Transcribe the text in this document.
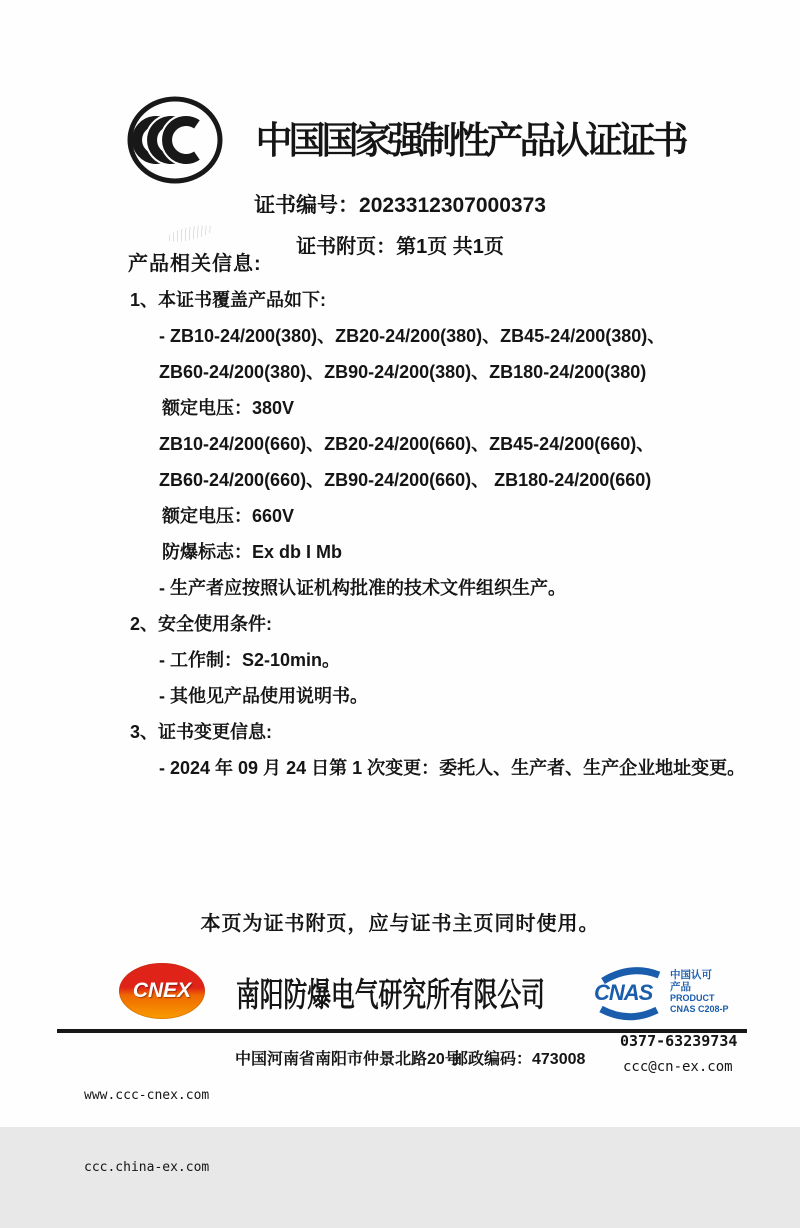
中国国家强制性产品认证证书
证书编号：2023312307000373
证书附页：第1页 共1页
产品相关信息:
1、本证书覆盖产品如下:
- ZB10-24/200(380)、ZB20-24/200(380)、ZB45-24/200(380)、
ZB60-24/200(380)、ZB90-24/200(380)、ZB180-24/200(380)
额定电压：380V
ZB10-24/200(660)、ZB20-24/200(660)、ZB45-24/200(660)、
ZB60-24/200(660)、ZB90-24/200(660)、 ZB180-24/200(660)
额定电压：660V
防爆标志：Ex db I Mb
- 生产者应按照认证机构批准的技术文件组织生产。
2、安全使用条件:
- 工作制：S2-10min。
- 其他见产品使用说明书。
3、证书变更信息:
- 2024 年 09 月 24 日第 1 次变更：委托人、生产者、生产企业地址变更。
本页为证书附页，应与证书主页同时使用。
CNEX 南阳防爆电气研究所有限公司 CNAS
中国认可
产品
PRODUCT
CNAS C208-P

www.ccc-cnex.com

ccc.china-ex.com

中国河南省南阳市仲景北路20号
邮政编码：473008
0377-63239734
ccc@cn-ex.com
